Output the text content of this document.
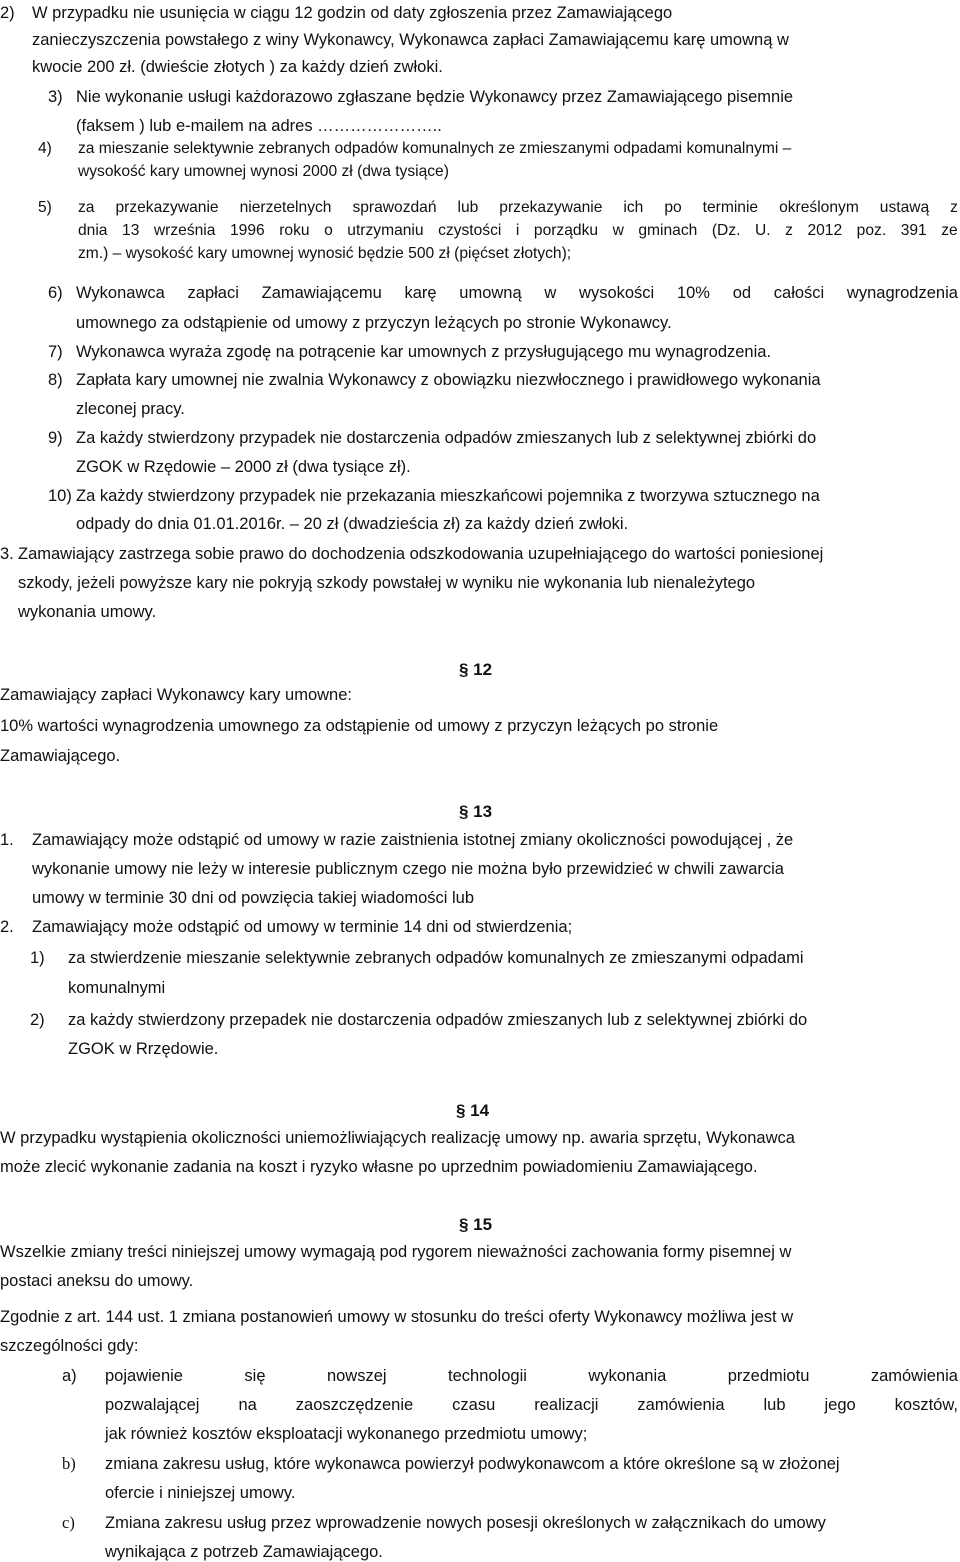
2) W przypadku nie usunięcia w ciągu 12 godzin od daty zgłoszenia przez Zamawiającego
zanieczyszczenia powstałego z winy Wykonawcy, Wykonawca zapłaci Zamawiającemu karę umowną w
kwocie 200 zł. (dwieście złotych ) za każdy dzień zwłoki.
3) Nie wykonanie usługi każdorazowo zgłaszane będzie Wykonawcy przez Zamawiającego pisemnie
(faksem ) lub e-mailem na adres …………………..
4) za mieszanie selektywnie zebranych odpadów komunalnych ze zmieszanymi odpadami komunalnymi –
wysokość kary umownej wynosi 2000 zł (dwa tysiące)
5) za przekazywanie nierzetelnych sprawozdań lub przekazywanie ich po terminie określonym ustawą z
dnia 13 września 1996 roku o utrzymaniu czystości i porządku w gminach (Dz. U. z 2012 poz. 391 ze
zm.) – wysokość kary umownej wynosić będzie 500 zł (pięćset złotych);
6) Wykonawca zapłaci Zamawiającemu karę umowną w wysokości 10% od całości wynagrodzenia
umownego za odstąpienie od umowy z przyczyn leżących po stronie Wykonawcy.
7) Wykonawca wyraża zgodę na potrącenie kar umownych z przysługującego mu wynagrodzenia.
8) Zapłata kary umownej nie zwalnia Wykonawcy z obowiązku niezwłocznego i prawidłowego wykonania
zleconej pracy.
9) Za każdy stwierdzony przypadek nie dostarczenia odpadów zmieszanych lub z selektywnej zbiórki do
ZGOK w Rzędowie – 2000 zł (dwa tysiące zł).
10) Za każdy stwierdzony przypadek nie przekazania mieszkańcowi pojemnika z tworzywa sztucznego na
odpady do dnia 01.01.2016r. – 20 zł (dwadzieścia zł) za każdy dzień zwłoki.
3. Zamawiający zastrzega sobie prawo do dochodzenia odszkodowania uzupełniającego do wartości poniesionej
szkody, jeżeli powyższe kary nie pokryją szkody powstałej w wyniku nie wykonania lub nienależytego
wykonania umowy.
§ 12
Zamawiający zapłaci Wykonawcy kary umowne:
10% wartości wynagrodzenia umownego za odstąpienie od umowy z przyczyn leżących po stronie
Zamawiającego.
§ 13
1. Zamawiający może odstąpić od umowy w razie zaistnienia istotnej zmiany okoliczności powodującej , że
wykonanie umowy nie leży w interesie publicznym czego nie można było przewidzieć w chwili zawarcia
umowy w terminie 30 dni od powzięcia takiej wiadomości lub
2. Zamawiający może odstąpić od umowy w terminie 14 dni od stwierdzenia;
1) za stwierdzenie mieszanie selektywnie zebranych odpadów komunalnych ze zmieszanymi odpadami
komunalnymi
2) za każdy stwierdzony przepadek nie dostarczenia odpadów zmieszanych lub z selektywnej zbiórki do
ZGOK w Rrzędowie.
§ 14
W przypadku wystąpienia okoliczności uniemożliwiających realizację umowy np. awaria sprzętu, Wykonawca
może zlecić wykonanie zadania na koszt i ryzyko własne po uprzednim powiadomieniu Zamawiającego.
§ 15
Wszelkie zmiany treści niniejszej umowy wymagają pod rygorem nieważności zachowania formy pisemnej w
postaci aneksu do umowy.
Zgodnie z art. 144 ust. 1 zmiana postanowień umowy w stosunku do treści oferty Wykonawcy możliwa jest w
szczególności gdy:
a) pojawienie	się	nowszej	technologii	wykonania	przedmiotu	zamówienia
pozwalającej na zaoszczędzenie czasu realizacji zamówienia lub jego kosztów,
jak również kosztów eksploatacji wykonanego przedmiotu umowy;
b) zmiana zakresu usług, które wykonawca powierzył podwykonawcom a które określone są w złożonej
ofercie i niniejszej umowy.
c) Zmiana zakresu usług przez wprowadzenie nowych posesji określonych w załącznikach do umowy
wynikająca z potrzeb Zamawiającego.
